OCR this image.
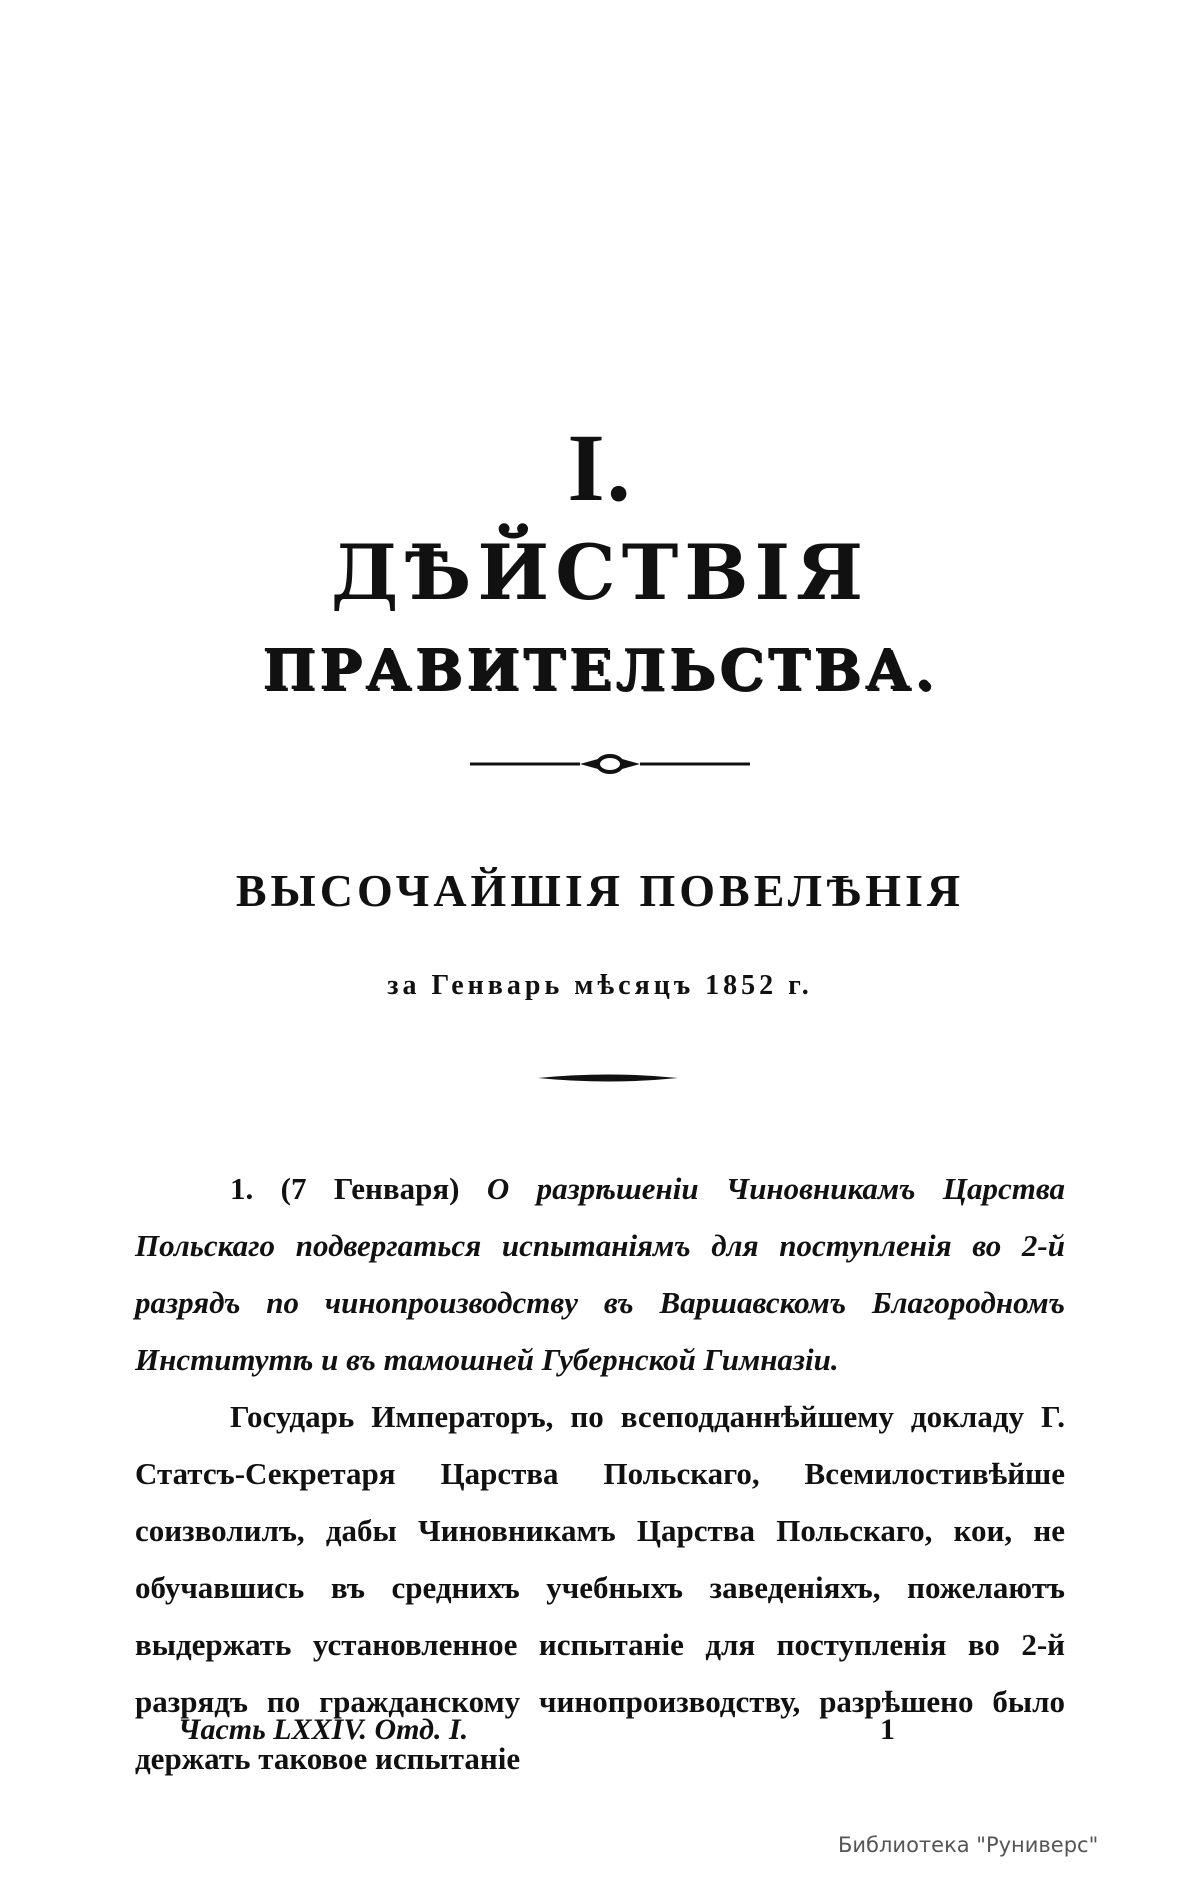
I.
ДѢЙСТВІЯ
ПРАВИТЕЛЬСТВА.
ВЫСОЧАЙШІЯ ПОВЕЛѢНІЯ
за Генварь мѣсяцъ 1852 г.
1. (7 Генваря) О разрѣшеніи Чиновникамъ Царства Польскаго подвергаться испытаніямъ для поступленія во 2-й разрядъ по чинопроизводству въ Варшавскомъ Благородномъ Институтѣ и въ тамошней Губернской Гимназіи.
Государь Императоръ, по всеподданнѣйшему докладу Г. Статсъ-Секретаря Царства Польскаго, Всемилостивѣйше соизволилъ, дабы Чиновникамъ Царства Польскаго, кои, не обучавшись въ среднихъ учебныхъ заведеніяхъ, пожелаютъ выдержать установленное испытаніе для поступленія во 2-й разрядъ по гражданскому чинопроизводству, разрѣшено было держать таковое испытаніе
Часть LXXIV. Отд. I.	1
Библиотека "Руниверс"
